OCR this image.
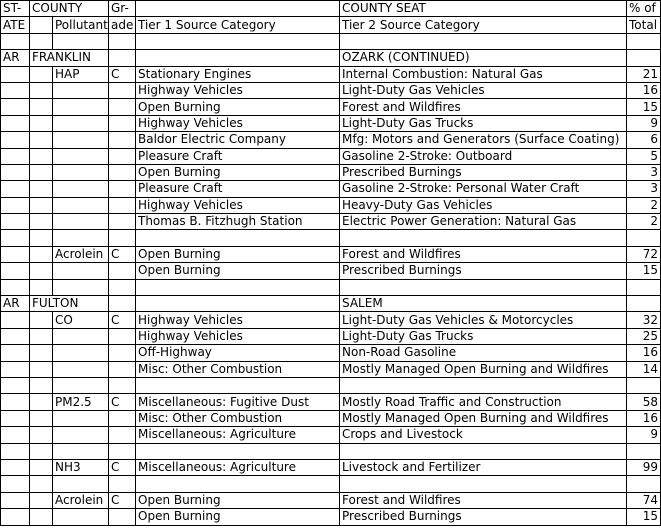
ST-	COUNTY		Gr-		COUNTY SEAT	% of
ATE		Pollutant	ade	Tier 1 Source Category	Tier 2 Source Category	Total

AR	FRANKLIN				OZARK (CONTINUED)	
		HAP	C	Stationary Engines	Internal Combustion: Natural Gas	21
				Highway Vehicles	Light-Duty Gas Vehicles	16
				Open Burning	Forest and Wildfires	15
				Highway Vehicles	Light-Duty Gas Trucks	9
				Baldor Electric Company	Mfg: Motors and Generators (Surface Coating)	6
				Pleasure Craft	Gasoline 2-Stroke: Outboard	5
				Open Burning	Prescribed Burnings	3
				Pleasure Craft	Gasoline 2-Stroke: Personal Water Craft	3
				Highway Vehicles	Heavy-Duty Gas Vehicles	2
				Thomas B. Fitzhugh Station	Electric Power Generation: Natural Gas	2

		Acrolein	C	Open Burning	Forest and Wildfires	72
				Open Burning	Prescribed Burnings	15

AR	FULTON				SALEM	
		CO	C	Highway Vehicles	Light-Duty Gas Vehicles & Motorcycles	32
				Highway Vehicles	Light-Duty Gas Trucks	25
				Off-Highway	Non-Road Gasoline	16
				Misc: Other Combustion	Mostly Managed Open Burning and Wildfires	14

		PM2.5	C	Miscellaneous: Fugitive Dust	Mostly Road Traffic and Construction	58
				Misc: Other Combustion	Mostly Managed Open Burning and Wildfires	16
				Miscellaneous: Agriculture	Crops and Livestock	9

		NH3	C	Miscellaneous: Agriculture	Livestock and Fertilizer	99

		Acrolein	C	Open Burning	Forest and Wildfires	74
				Open Burning	Prescribed Burnings	15
